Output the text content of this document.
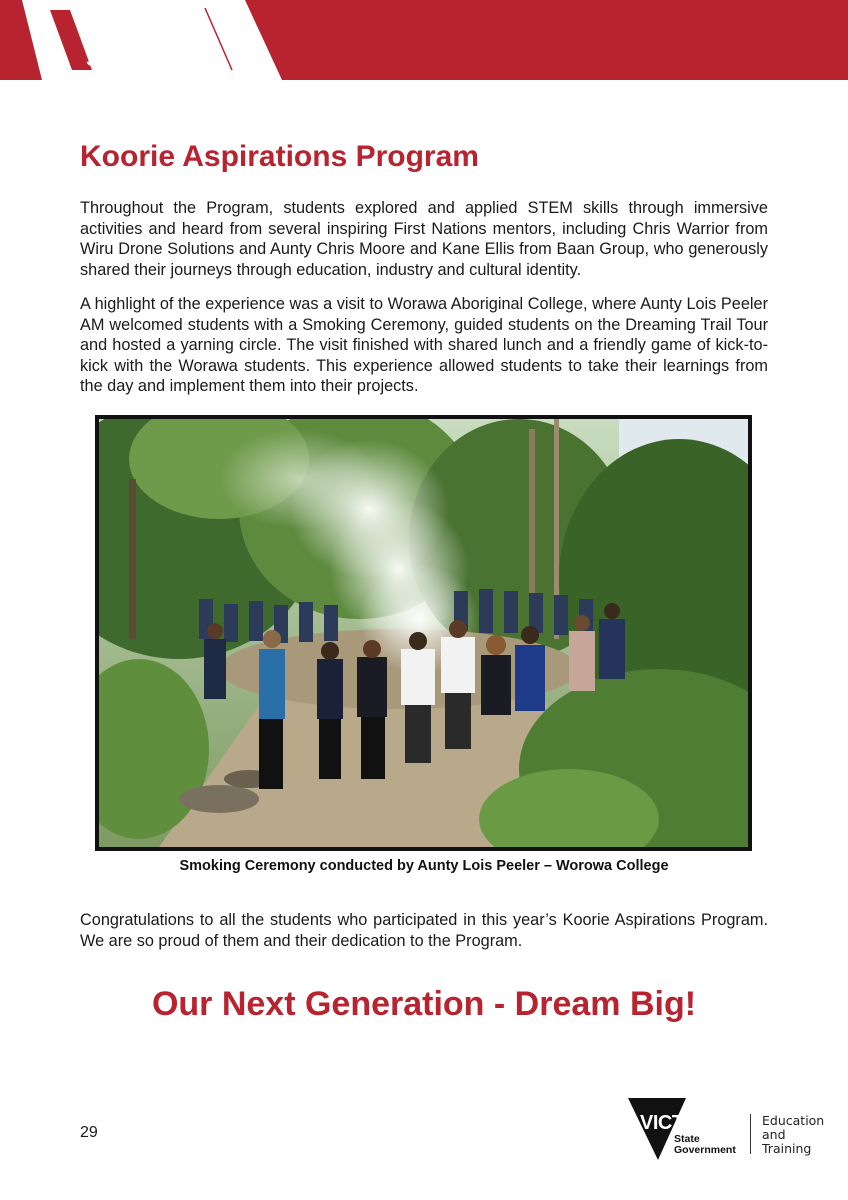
THE
EDUCATION
STATE
Koorie Aspirations Program

Throughout the Program, students explored and applied STEM skills through immersive activities and heard from several inspiring First Nations mentors, including Chris Warrior from Wiru Drone Solutions and Aunty Chris Moore and Kane Ellis from Baan Group, who generously shared their journeys through education, industry and cultural identity.

A highlight of the experience was a visit to Worawa Aboriginal College, where Aunty Lois Peeler AM welcomed students with a Smoking Ceremony, guided students on the Dreaming Trail Tour and hosted a yarning circle. The visit finished with shared lunch and a friendly game of kick-to-kick with the Worawa students. This experience allowed students to take their learnings from the day and implement them into their projects.

Smoking Ceremony conducted by Aunty Lois Peeler – Worowa College

Congratulations to all the students who participated in this year’s Koorie Aspirations Program. We are so proud of them and their dedication to the Program.

Our Next Generation - Dream Big!
29	VICTORIA
State
Government
Education
and Training
